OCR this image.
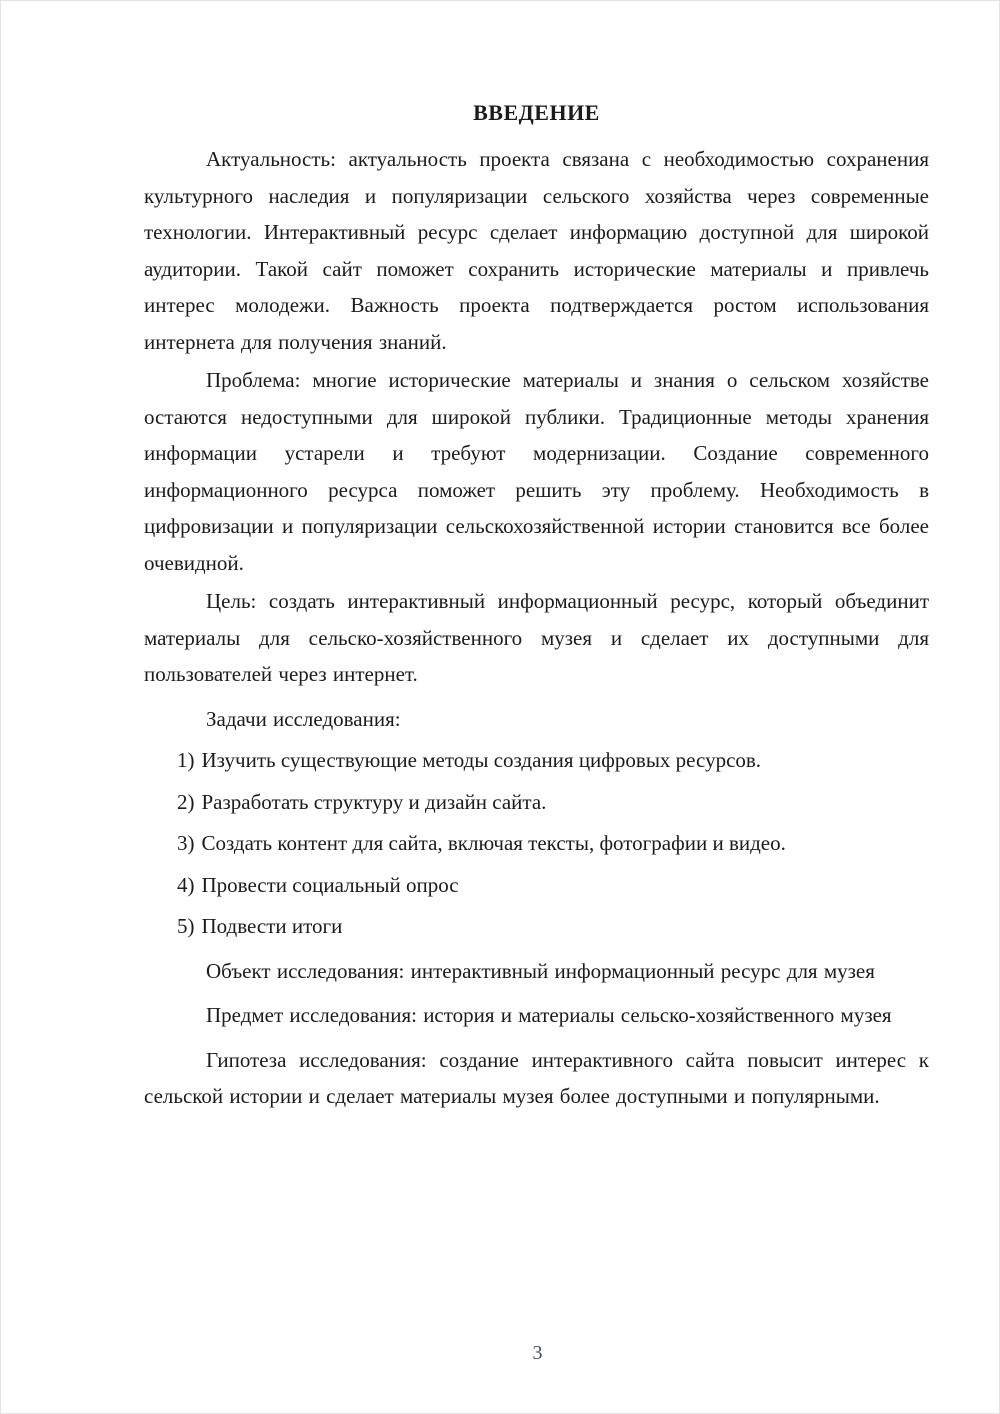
ВВЕДЕНИЕ

Актуальность: актуальность проекта связана с необходимостью сохранения культурного наследия и популяризации сельского хозяйства через современные технологии. Интерактивный ресурс сделает информацию доступной для широкой аудитории. Такой сайт поможет сохранить исторические материалы и привлечь интерес молодежи. Важность проекта подтверждается ростом использования интернета для получения знаний.

Проблема: многие исторические материалы и знания о сельском хозяйстве остаются недоступными для широкой публики. Традиционные методы хранения информации устарели и требуют модернизации. Создание современного информационного ресурса поможет решить эту проблему. Необходимость в цифровизации и популяризации сельскохозяйственной истории становится все более очевидной.

Цель: создать интерактивный информационный ресурс, который объединит материалы для сельско-хозяйственного музея и сделает их доступными для пользователей через интернет.

Задачи исследования:

1) Изучить существующие методы создания цифровых ресурсов.
2) Разработать структуру и дизайн сайта.
3) Создать контент для сайта, включая тексты, фотографии и видео.
4) Провести социальный опрос
5) Подвести итоги

Объект исследования: интерактивный информационный ресурс для музея

Предмет исследования: история и материалы сельско-хозяйственного музея

Гипотеза исследования: создание интерактивного сайта повысит интерес к сельской истории и сделает материалы музея более доступными и популярными.

3
